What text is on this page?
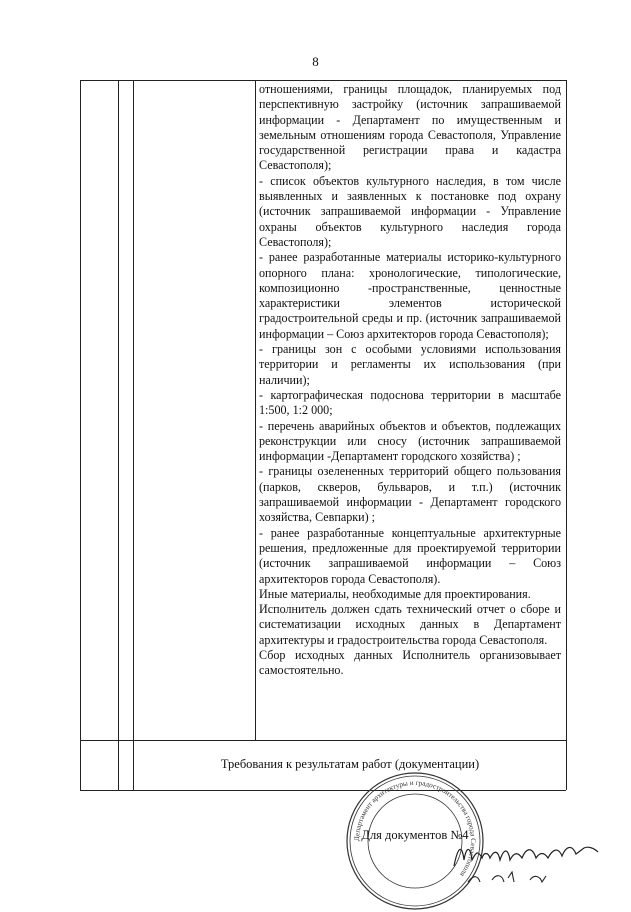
8

отношениями, границы площадок, планируемых под перспективную застройку (источник запрашиваемой информации - Департамент по имущественным и земельным отношениям города Севастополя, Управление государственной регистрации права и кадастра Севастополя);

- список объектов культурного наследия, в том числе выявленных и заявленных к постановке под охрану (источник запрашиваемой информации - Управление охраны объектов культурного наследия города Севастополя);

- ранее разработанные материалы историко-культурного опорного плана: хронологические, типологические, композиционно -пространственные, ценностные характеристики элементов исторической градостроительной среды и пр. (источник запрашиваемой информации – Союз архитекторов города Севастополя);

- границы зон с особыми условиями использования территории и регламенты их использования (при наличии);

- картографическая подоснова территории в масштабе 1:500, 1:2 000;

- перечень аварийных объектов и объектов, подлежащих реконструкции или сносу (источник запрашиваемой информации -Департамент городского хозяйства) ;

- границы озелененных территорий общего пользования (парков, скверов, бульваров, и т.п.) (источник запрашиваемой информации - Департамент городского хозяйства, Севпарки) ;

- ранее разработанные концептуальные архитектурные решения, предложенные для проектируемой территории (источник запрашиваемой информации – Союз архитекторов города Севастополя).

Иные материалы, необходимые для проектирования.

Исполнитель должен сдать технический отчет о сборе и систематизации исходных данных в Департамент архитектуры и градостроительства города Севастополя.

Сбор исходных данных Исполнитель организовывает самостоятельно.

Требования к результатам работ (документации)
Департамент архитектуры и градостроительства города Севастополя
Для документов №4
